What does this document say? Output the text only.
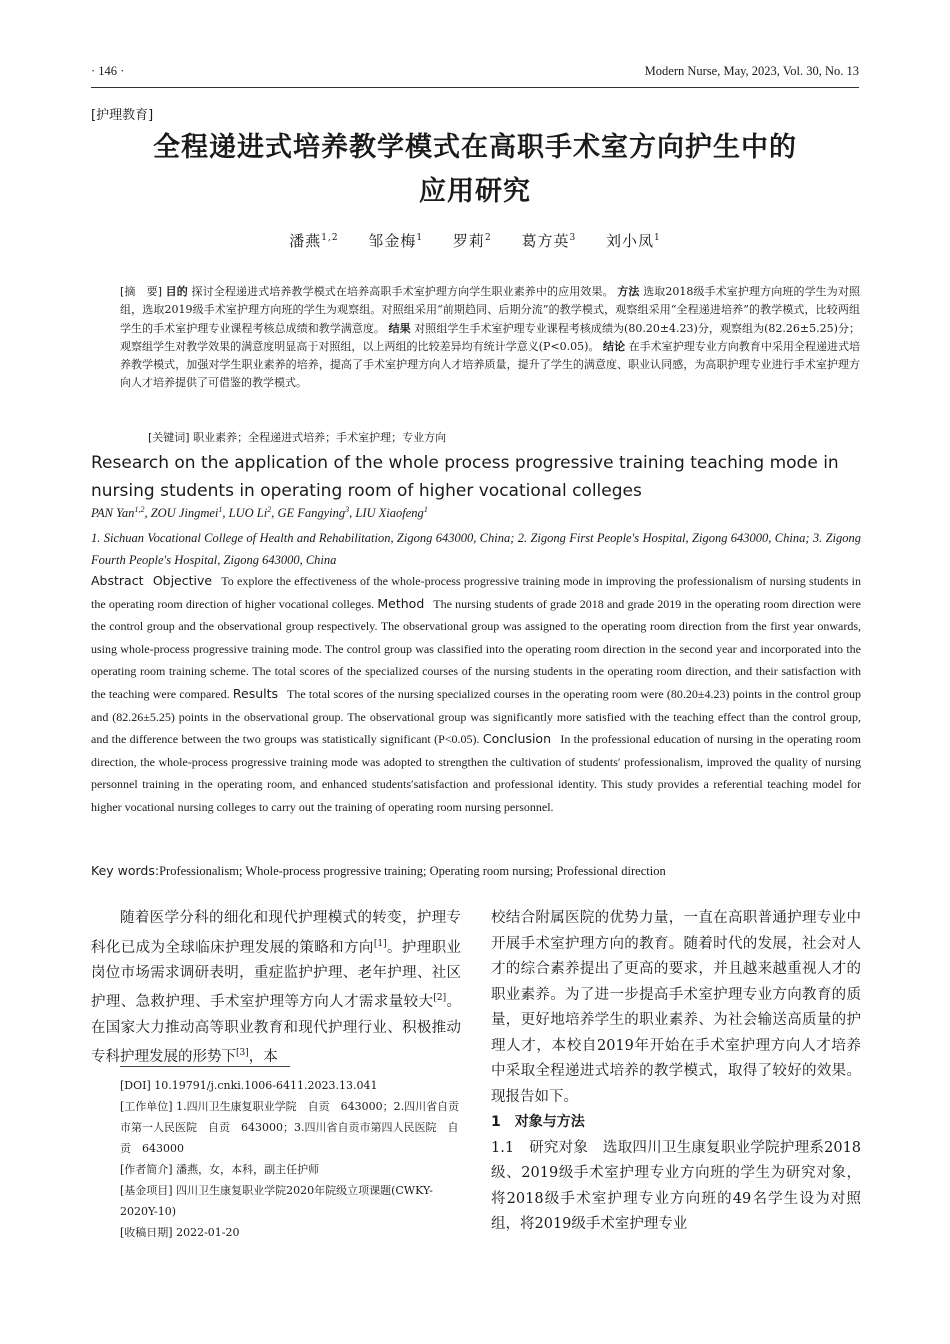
· 146 ·	Modern Nurse, May, 2023, Vol. 30, No. 13
[护理教育]
全程递进式培养教学模式在高职手术室方向护生中的
应用研究
潘燕$^{1,2}$ 邹金梅$^1$ 罗莉$^2$ 葛方英$^3$ 刘小凤$^1$
[摘　要] 目的 探讨全程递进式培养教学模式在培养高职手术室护理方向学生职业素养中的应用效果。 方法 选取2018级手术室护理方向班的学生为对照组，选取2019级手术室护理方向班的学生为观察组。对照组采用“前期趋同、后期分流”的教学模式，观察组采用“全程递进培养”的教学模式，比较两组学生的手术室护理专业课程考核总成绩和教学满意度。 结果 对照组学生手术室护理专业课程考核成绩为(80.20±4.23)分，观察组为(82.26±5.25)分；观察组学生对教学效果的满意度明显高于对照组，以上两组的比较差异均有统计学意义(P<0.05)。 结论 在手术室护理专业方向教育中采用全程递进式培养教学模式，加强对学生职业素养的培养，提高了手术室护理方向人才培养质量，提升了学生的满意度、职业认同感，为高职护理专业进行手术室护理方向人才培养提供了可借鉴的教学模式。
[关键词] 职业素养；全程递进式培养；手术室护理；专业方向
Research on the application of the whole process progressive training teaching mode in nursing students in operating room of higher vocational colleges
PAN Yan$^{1,2}$, ZOU Jingmei$^1$, LUO Li$^2$, GE Fangying$^3$, LIU Xiaofeng$^1$
1. Sichuan Vocational College of Health and Rehabilitation, Zigong 643000, China; 2. Zigong First People's Hospital, Zigong 643000, China; 3. Zigong Fourth People's Hospital, Zigong 643000, China
Abstract Objective To explore the effectiveness of the whole-process progressive training mode in improving the professionalism of nursing students in the operating room direction of higher vocational colleges. Method The nursing students of grade 2018 and grade 2019 in the operating room direction were the control group and the observational group respectively. The observational group was assigned to the operating room direction from the first year onwards, using whole-process progressive training mode. The control group was classified into the operating room direction in the second year and incorporated into the operating room training scheme. The total scores of the specialized courses of the nursing students in the operating room direction, and their satisfaction with the teaching were compared. Results The total scores of the nursing specialized courses in the operating room were (80.20±4.23) points in the control group and (82.26±5.25) points in the observational group. The observational group was significantly more satisfied with the teaching effect than the control group, and the difference between the two groups was statistically significant (P<0.05). Conclusion In the professional education of nursing in the operating room direction, the whole-process progressive training mode was adopted to strengthen the cultivation of students′ professionalism, improved the quality of nursing personnel training in the operating room, and enhanced students′satisfaction and professional identity. This study provides a referential teaching model for higher vocational nursing colleges to carry out the training of operating room nursing personnel.
Key words:Professionalism; Whole-process progressive training; Operating room nursing; Professional direction

随着医学分科的细化和现代护理模式的转变，护理专科化已成为全球临床护理发展的策略和方向[1]。护理职业岗位市场需求调研表明，重症监护护理、老年护理、社区护理、急救护理、手术室护理等方向人才需求量较大[2]。在国家大力推动高等职业教育和现代护理行业、积极推动专科护理发展的形势下[3]，本

[DOI] 10.19791/j.cnki.1006-6411.2023.13.041
[工作单位] 1.四川卫生康复职业学院　自贡　643000；2.四川省自贡市第一人民医院　自贡　643000；3.四川省自贡市第四人民医院　自贡　643000
[作者简介] 潘燕，女，本科，副主任护师
[基金项目] 四川卫生康复职业学院2020年院级立项课题(CWKY-2020Y-10)
[收稿日期] 2022-01-20

校结合附属医院的优势力量，一直在高职普通护理专业中开展手术室护理方向的教育。随着时代的发展，社会对人才的综合素养提出了更高的要求，并且越来越重视人才的职业素养。为了进一步提高手术室护理专业方向教育的质量，更好地培养学生的职业素养、为社会输送高质量的护理人才，本校自2019年开始在手术室护理方向人才培养中采取全程递进式培养的教学模式，取得了较好的效果。现报告如下。

1　对象与方法

1.1　研究对象　 选取四川卫生康复职业学院护理系2018级、2019级手术室护理专业方向班的学生为研究对象，将2018级手术室护理专业方向班的49名学生设为对照组，将2019级手术室护理专业
